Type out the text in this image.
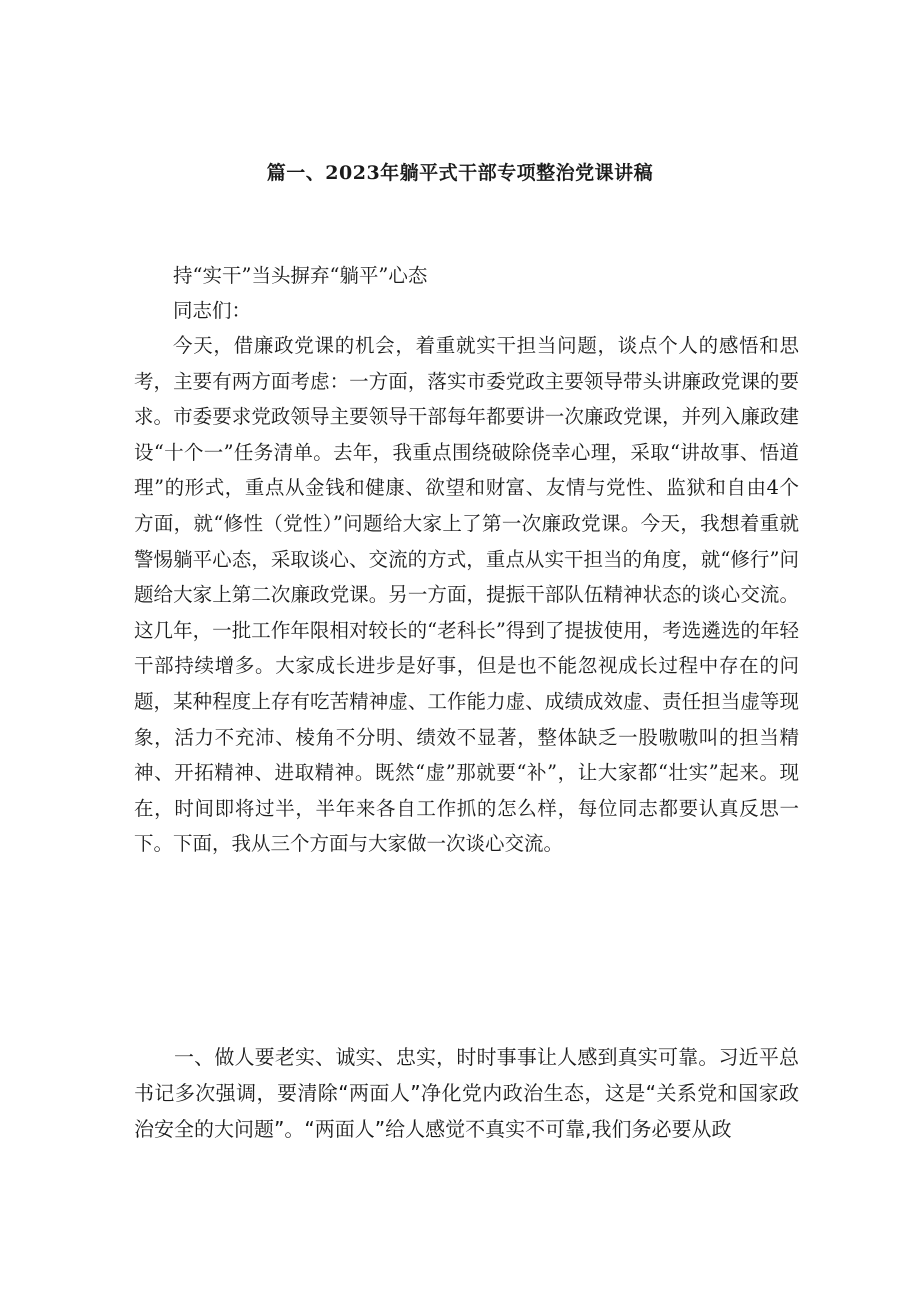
篇一、2023年躺平式干部专项整治党课讲稿

持“实干”当头摒弃“躺平”心态

同志们：

今天，借廉政党课的机会，着重就实干担当问题，谈点个人的感悟和思考，主要有两方面考虑：一方面，落实市委党政主要领导带头讲廉政党课的要求。市委要求党政领导主要领导干部每年都要讲一次廉政党课，并列入廉政建设“十个一”任务清单。去年，我重点围绕破除侥幸心理，采取“讲故事、悟道理”的形式，重点从金钱和健康、欲望和财富、友情与党性、监狱和自由4个方面，就“修性（党性）”问题给大家上了第一次廉政党课。今天，我想着重就警惕躺平心态，采取谈心、交流的方式，重点从实干担当的角度，就“修行”问题给大家上第二次廉政党课。另一方面，提振干部队伍精神状态的谈心交流。这几年，一批工作年限相对较长的“老科长”得到了提拔使用，考选遴选的年轻干部持续增多。大家成长进步是好事，但是也不能忽视成长过程中存在的问题，某种程度上存有吃苦精神虚、工作能力虚、成绩成效虚、责任担当虚等现象，活力不充沛、棱角不分明、绩效不显著，整体缺乏一股嗷嗷叫的担当精神、开拓精神、进取精神。既然“虚”那就要“补”，让大家都“壮实”起来。现在，时间即将过半，半年来各自工作抓的怎么样，每位同志都要认真反思一下。下面，我从三个方面与大家做一次谈心交流。

一、做人要老实、诚实、忠实，时时事事让人感到真实可靠。习近平总书记多次强调，要清除“两面人”净化党内政治生态，这是“关系党和国家政治安全的大问题”。“两面人”给人感觉不真实不可靠,我们务必要从政
